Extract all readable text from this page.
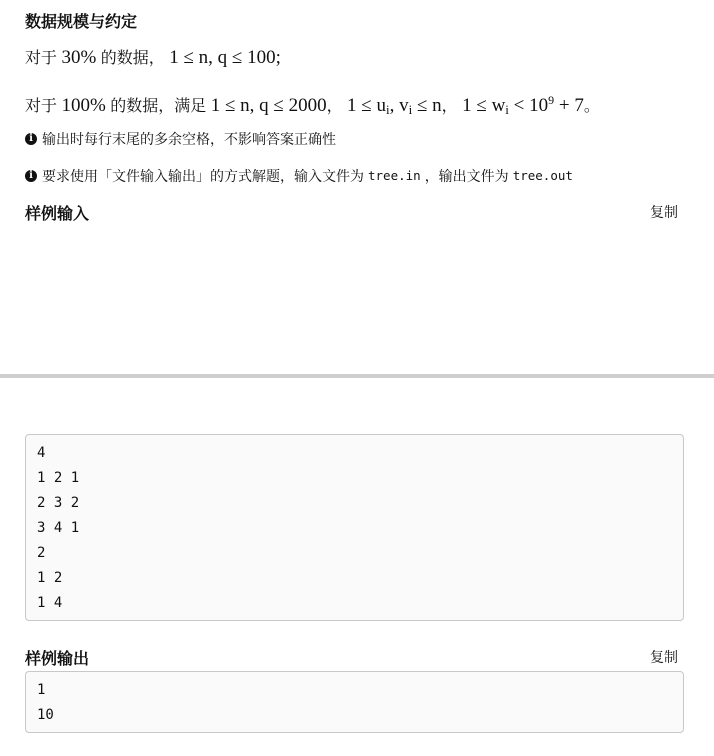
数据规模与约定
对于 30% 的数据， 1 ≤ n, q ≤ 100;
对于 100% 的数据，满足 1 ≤ n, q ≤ 2000， $1 \le u_i$, $v_i \le n$， $1 \le w_i < 10^9 + 7$。
i 输出时每行末尾的多余空格，不影响答案正确性
i 要求使用「文件输入输出」的方式解题，输入文件为 tree.in ，输出文件为 tree.out
样例输入	复制
4
1 2 1
2 3 2
3 4 1
2
1 2
1 4
样例输出	复制
1
10
